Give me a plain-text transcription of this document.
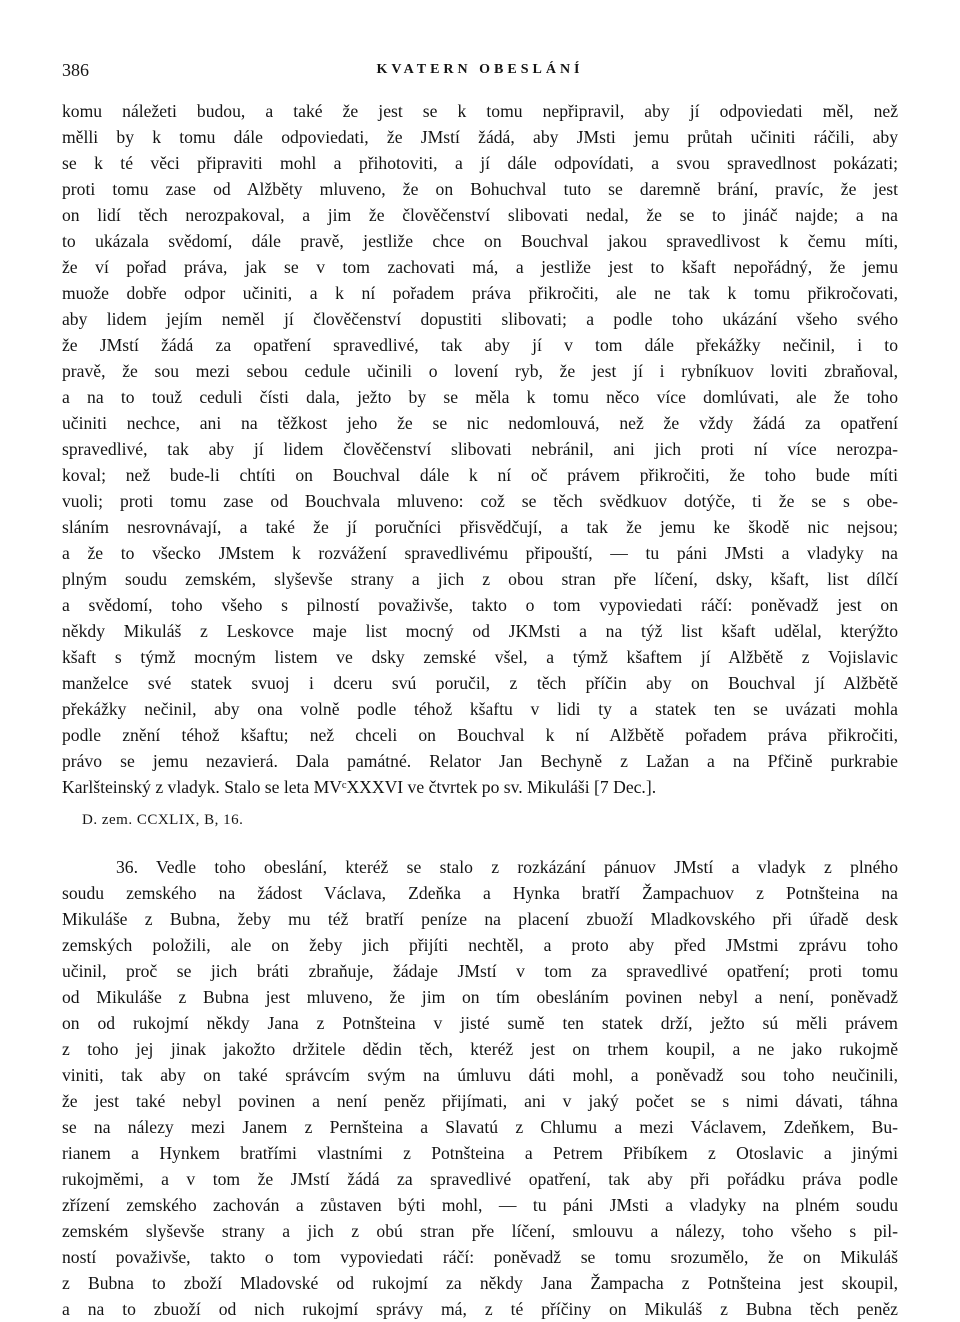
386	KVATERN OBESLÁNÍ
komu náležeti budou, a také že jest se k tomu nepřipravil, aby jí odpoviedati měl, než
mělli by k tomu dále odpoviedati, že JMstí žádá, aby JMsti jemu průtah učiniti ráčili, aby
se k té věci připraviti mohl a přihotoviti, a jí dále odpovídati, a svou spravedlnost pokázati;
proti tomu zase od Alžběty mluveno, že on Bohuchval tuto se daremně brání, pravíc, že jest
on lidí těch nerozpakoval, a jim že člověčenství slibovati nedal, že se to jináč najde; a na
to ukázala svědomí, dále pravě, jestliže chce on Bouchval jakou spravedlivost k čemu míti,
že ví pořad práva, jak se v tom zachovati má, a jestliže jest to kšaft nepořádný, že jemu
muože dobře odpor učiniti, a k ní pořadem práva přikročiti, ale ne tak k tomu přikročovati,
aby lidem jejím neměl jí člověčenství dopustiti slibovati; a podle toho ukázání všeho svého
že JMstí žádá za opatření spravedlivé, tak aby jí v tom dále překážky nečinil, i to
pravě, že sou mezi sebou cedule učinili o lovení ryb, že jest jí i rybníkuov loviti zbraňoval,
a na to touž ceduli čísti dala, ježto by se měla k tomu něco více domlúvati, ale že toho
učiniti nechce, ani na těžkost jeho že se nic nedomlouvá, než že vždy žádá za opatření
spravedlivé, tak aby jí lidem člověčenství slibovati nebránil, ani jich proti ní více nerozpa-
koval; než bude-li chtíti on Bouchval dále k ní oč právem přikročiti, že toho bude míti
vuoli; proti tomu zase od Bouchvala mluveno: což se těch svědkuov dotýče, ti že se s obe-
sláním nesrovnávají, a také že jí poručníci přisvědčují, a tak že jemu ke škodě nic nejsou;
a že to všecko JMstem k rozvážení spravedlivému připouští, — tu páni JMsti a vladyky na
plným soudu zemském, slyševše strany a jich z obou stran pře líčení, dsky, kšaft, list dílčí
a svědomí, toho všeho s pilností považivše, takto o tom vypoviedati ráčí: poněvadž jest on
někdy Mikuláš z Leskovce maje list mocný od JKMsti a na týž list kšaft udělal, kterýžto
kšaft s týmž mocným listem ve dsky zemské všel, a týmž kšaftem jí Alžbětě z Vojislavic
manželce své statek svuoj i dceru svú poručil, z těch příčin aby on Bouchval jí Alžbětě
překážky nečinil, aby ona volně podle téhož kšaftu v lidi ty a statek ten se uvázati mohla
podle znění téhož kšaftu; než chceli on Bouchval k ní Alžbětě pořadem práva přikročiti,
právo se jemu nezavierá. Dala památné. Relator Jan Bechyně z Lažan a na Pfčině purkrabie
Karlšteinský z vladyk. Stalo se leta MVᶜXXXVI ve čtvrtek po sv. Mikuláši [7 Dec.].
D. zem. CCXLIX, B, 16.
36. Vedle toho obeslání, kteréž se stalo z rozkázání pánuov JMstí a vladyk z plného
soudu zemského na žádost Václava, Zdeňka a Hynka bratří Žampachuov z Potnšteina na
Mikuláše z Bubna, žeby mu též bratří peníze na placení zbuoží Mladkovského při úřadě desk
zemských položili, ale on žeby jich přijíti nechtěl, a proto aby před JMstmi zprávu toho
učinil, proč se jich bráti zbraňuje, žádaje JMstí v tom za spravedlivé opatření; proti tomu
od Mikuláše z Bubna jest mluveno, že jim on tím obesláním povinen nebyl a není, poněvadž
on od rukojmí někdy Jana z Potnšteina v jisté sumě ten statek drží, ježto sú měli právem
z toho jej jinak jakožto držitele dědin těch, kteréž jest on trhem koupil, a ne jako rukojmě
viniti, tak aby on také správcím svým na úmluvu dáti mohl, a poněvadž sou toho neučinili,
že jest také nebyl povinen a není peněz přijímati, ani v jaký počet se s nimi dávati, táhna
se na nálezy mezi Janem z Pernšteina a Slavatú z Chlumu a mezi Václavem, Zdeňkem, Bu-
rianem a Hynkem bratřími vlastními z Potnšteina a Petrem Přibíkem z Otoslavic a jinými
rukojměmi, a v tom že JMstí žádá za spravedlivé opatření, tak aby při pořádku práva podle
zřízení zemského zachován a zůstaven býti mohl, — tu páni JMsti a vladyky na plném soudu
zemském slyševše strany a jich z obú stran pře líčení, smlouvu a nálezy, toho všeho s pil-
ností považivše, takto o tom vypoviedati ráčí: poněvadž se tomu srozumělo, že on Mikuláš
z Bubna to zboží Mladovské od rukojmí za někdy Jana Žampacha z Potnšteina jest skoupil,
a na to zbuoží od nich rukojmí správy má, z té příčiny on Mikuláš z Bubna těch peněz
